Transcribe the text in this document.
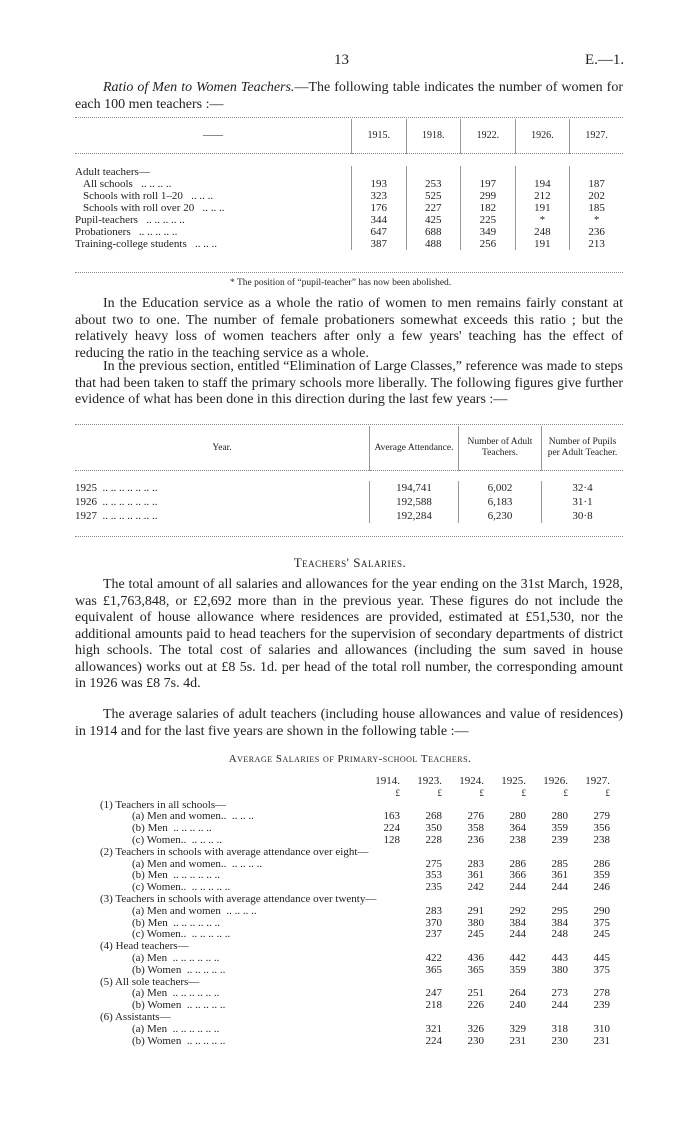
13	E.—1.

Ratio of Men to Women Teachers.—The following table indicates the number of women for each 100 men teachers :—

——	1915.	1918.	1922.	1926.	1927.

Adult teachers—					
All schools .. .. .. ..	193	253	197	194	187
Schools with roll 1–20 .. .. ..	323	525	299	212	202
Schools with roll over 20 .. .. ..	176	227	182	191	185
Pupil-teachers .. .. .. .. ..	344	425	225	*	*
Probationers .. .. .. .. ..	647	688	349	248	236
Training-college students .. .. ..	387	488	256	191	213
* The position of “pupil-teacher” has now been abolished.

In the Education service as a whole the ratio of women to men remains fairly constant at about two to one. The number of female probationers somewhat exceeds this ratio ; but the relatively heavy loss of women teachers after only a few years' teaching has the effect of reducing the ratio in the teaching service as a whole.

In the previous section, entitled “Elimination of Large Classes,” reference was made to steps that had been taken to staff the primary schools more liberally. The following figures give further evidence of what has been done in this direction during the last few years :—

Year.	Average Attendance.	Number of Adult Teachers.	Number of Pupils per Adult Teacher.

1925 .. .. .. .. .. .. ..	194,741	6,002	32·4
1926 .. .. .. .. .. .. ..	192,588	6,183	31·1
1927 .. .. .. .. .. .. ..	192,284	6,230	30·8
Teachers' Salaries.

The total amount of all salaries and allowances for the year ending on the 31st March, 1928, was £1,763,848, or £2,692 more than in the previous year. These figures do not include the equivalent of house allowance where residences are provided, estimated at £51,530, nor the additional amounts paid to head teachers for the supervision of secondary departments of district high schools. The total cost of salaries and allowances (including the sum saved in house allowances) works out at £8 5s. 1d. per head of the total roll number, the corresponding amount in 1926 was £8 7s. 4d.

The average salaries of adult teachers (including house allowances and value of residences) in 1914 and for the last five years are shown in the following table :—

Average Salaries of Primary-school Teachers.
	1914.	1923.	1924.	1925.	1926.	1927.
	£	£	£	£	£	£
(1) Teachers in all schools—						
(a) Men and women.. .. .. ..	163	268	276	280	280	279
(b) Men .. .. .. .. ..	224	350	358	364	359	356
(c) Women.. .. .. .. ..	128	228	236	238	239	238
(2) Teachers in schools with average attendance over eight—						
(a) Men and women.. .. .. .. ..		275	283	286	285	286
(b) Men .. .. .. .. .. ..		353	361	366	361	359
(c) Women.. .. .. .. .. ..		235	242	244	244	246
(3) Teachers in schools with average attendance over twenty—						
(a) Men and women .. .. .. ..		283	291	292	295	290
(b) Men .. .. .. .. .. ..		370	380	384	384	375
(c) Women.. .. .. .. .. ..		237	245	244	248	245
(4) Head teachers—						
(a) Men .. .. .. .. .. ..		422	436	442	443	445
(b) Women .. .. .. .. ..		365	365	359	380	375
(5) All sole teachers—						
(a) Men .. .. .. .. .. ..		247	251	264	273	278
(b) Women .. .. .. .. ..		218	226	240	244	239
(6) Assistants—						
(a) Men .. .. .. .. .. ..		321	326	329	318	310
(b) Women .. .. .. .. ..		224	230	231	230	231
